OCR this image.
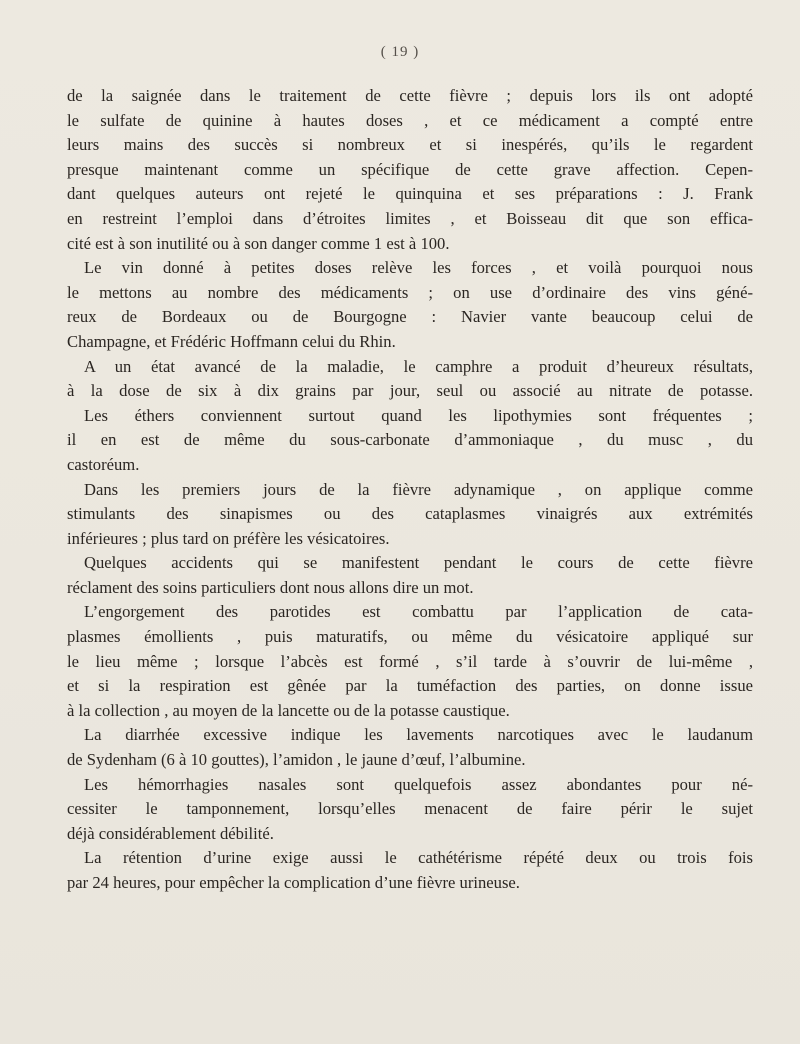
( 19 )
de la saignée dans le traitement de cette fièvre ; depuis lors ils ont adopté
le sulfate de quinine à hautes doses , et ce médicament a compté entre
leurs mains des succès si nombreux et si inespérés, qu’ils le regardent
presque maintenant comme un spécifique de cette grave affection. Cepen-
dant quelques auteurs ont rejeté le quinquina et ses préparations : J. Frank
en restreint l’emploi dans d’étroites limites , et Boisseau dit que son effica-
cité est à son inutilité ou à son danger comme 1 est à 100.
Le vin donné à petites doses relève les forces , et voilà pourquoi nous
le mettons au nombre des médicaments ; on use d’ordinaire des vins géné-
reux de Bordeaux ou de Bourgogne : Navier vante beaucoup celui de
Champagne, et Frédéric Hoffmann celui du Rhin.
A un état avancé de la maladie, le camphre a produit d’heureux résultats,
à la dose de six à dix grains par jour, seul ou associé au nitrate de potasse.
Les éthers conviennent surtout quand les lipothymies sont fréquentes ;
il en est de même du sous-carbonate d’ammoniaque , du musc , du
castoréum.
Dans les premiers jours de la fièvre adynamique , on applique comme
stimulants des sinapismes ou des cataplasmes vinaigrés aux extrémités
inférieures ; plus tard on préfère les vésicatoires.
Quelques accidents qui se manifestent pendant le cours de cette fièvre
réclament des soins particuliers dont nous allons dire un mot.
L’engorgement des parotides est combattu par l’application de cata-
plasmes émollients , puis maturatifs, ou même du vésicatoire appliqué sur
le lieu même ; lorsque l’abcès est formé , s’il tarde à s’ouvrir de lui-même ,
et si la respiration est gênée par la tuméfaction des parties, on donne issue
à la collection , au moyen de la lancette ou de la potasse caustique.
La diarrhée excessive indique les lavements narcotiques avec le laudanum
de Sydenham (6 à 10 gouttes), l’amidon , le jaune d’œuf, l’albumine.
Les hémorrhagies nasales sont quelquefois assez abondantes pour né-
cessiter le tamponnement, lorsqu’elles menacent de faire périr le sujet
déjà considérablement débilité.
La rétention d’urine exige aussi le cathétérisme répété deux ou trois fois
par 24 heures, pour empêcher la complication d’une fièvre urineuse.
